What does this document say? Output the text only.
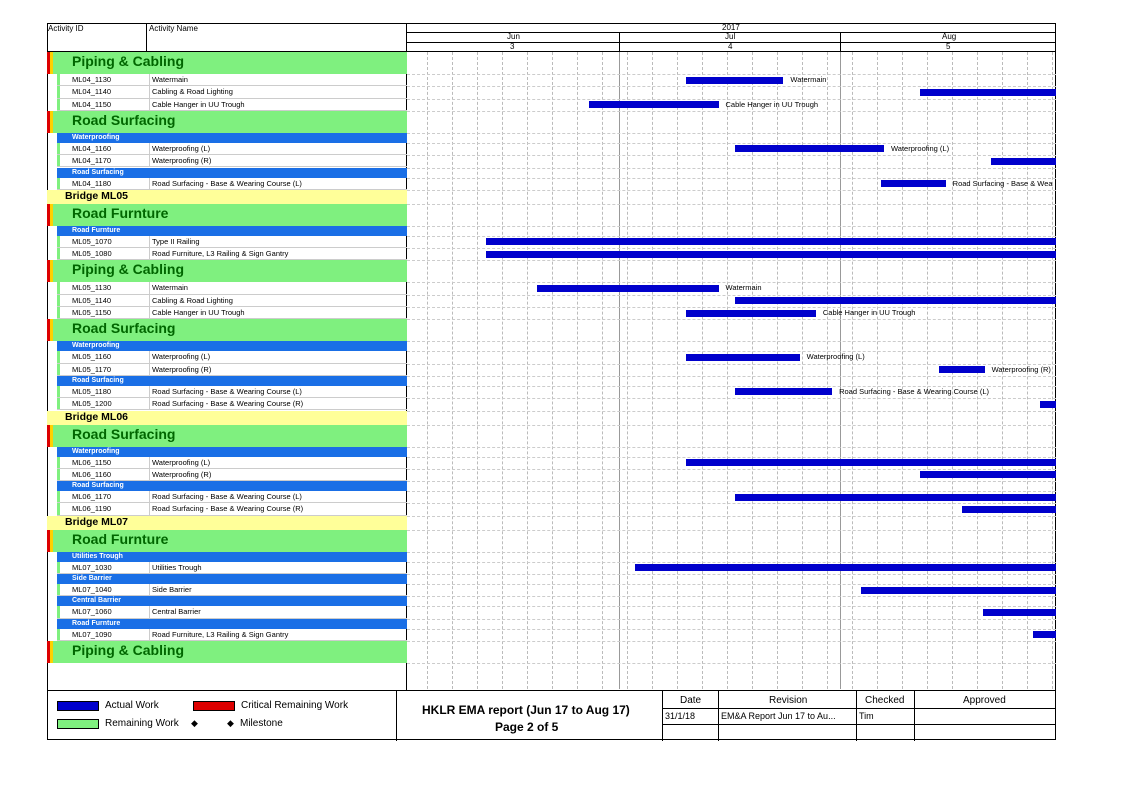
Activity ID	Activity Name	2017
Jun	Jul	Aug
3	4	5
Piping & Cabling
ML04_1130	Watermain
ML04_1140	Cabling & Road Lighting
ML04_1150	Cable Hanger in UU Trough
Road Surfacing
Waterproofing
ML04_1160	Waterproofing (L)
ML04_1170	Waterproofing (R)
Road Surfacing
ML04_1180	Road Surfacing - Base & Wearing Course (L)
Bridge ML05
Road Furnture
Road Furnture
ML05_1070	Type II Railing
ML05_1080	Road Furniture, L3 Railing & Sign Gantry
Piping & Cabling
ML05_1130	Watermain
ML05_1140	Cabling & Road Lighting
ML05_1150	Cable Hanger in UU Trough
Road Surfacing
Waterproofing
ML05_1160	Waterproofing (L)
ML05_1170	Waterproofing (R)
Road Surfacing
ML05_1180	Road Surfacing - Base & Wearing Course (L)
ML05_1200	Road Surfacing - Base & Wearing Course (R)
Bridge ML06
Road Surfacing
Waterproofing
ML06_1150	Waterproofing (L)
ML06_1160	Waterproofing (R)
Road Surfacing
ML06_1170	Road Surfacing - Base & Wearing Course (L)
ML06_1190	Road Surfacing - Base & Wearing Course (R)
Bridge ML07
Road Furnture
Utilities Trough
ML07_1030	Utilities Trough
Side Barrier
ML07_1040	Side Barrier
Central Barrier
ML07_1060	Central Barrier
Road Furnture
ML07_1090	Road Furniture, L3 Railing & Sign Gantry
Piping & Cabling
Watermain
Cable Hanger in UU Trough
Waterproofing (L)
Road Surfacing - Base & Wea
Watermain
Cable Hanger in UU Trough
Waterproofing (L)
Waterproofing (R)
Road Surfacing - Base & Wearing Course (L)
Actual Work	Critical Remaining Work
Remaining Work ◆	◆ Milestone
HKLR EMA report (Jun 17 to Aug 17)
Page 2 of 5
Date	Revision	Checked	Approved
31/1/18	EM&A Report Jun 17 to Au...	Tim
